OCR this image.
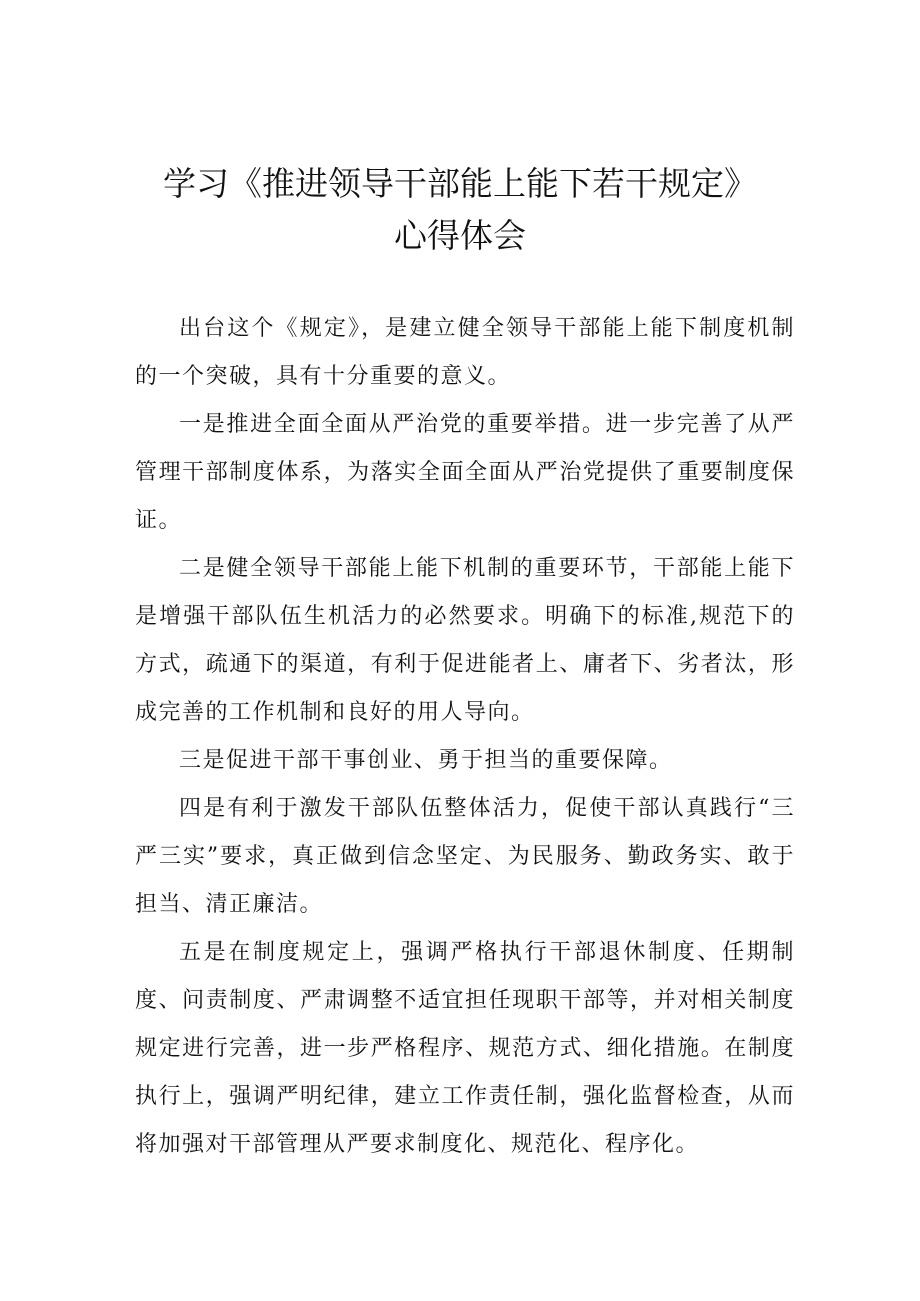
学习《推进领导干部能上能下若干规定》
心得体会

出台这个《规定》，是建立健全领导干部能上能下制度机制的一个突破，具有十分重要的意义。

一是推进全面全面从严治党的重要举措。进一步完善了从严管理干部制度体系，为落实全面全面从严治党提供了重要制度保证。

二是健全领导干部能上能下机制的重要环节，干部能上能下是增强干部队伍生机活力的必然要求。明确下的标准,规范下的方式，疏通下的渠道，有利于促进能者上、庸者下、劣者汰，形成完善的工作机制和良好的用人导向。

三是促进干部干事创业、勇于担当的重要保障。

四是有利于激发干部队伍整体活力，促使干部认真践行“三严三实”要求，真正做到信念坚定、为民服务、勤政务实、敢于担当、清正廉洁。

五是在制度规定上，强调严格执行干部退休制度、任期制度、问责制度、严肃调整不适宜担任现职干部等，并对相关制度规定进行完善，进一步严格程序、规范方式、细化措施。在制度执行上，强调严明纪律，建立工作责任制，强化监督检查，从而将加强对干部管理从严要求制度化、规范化、程序化。
